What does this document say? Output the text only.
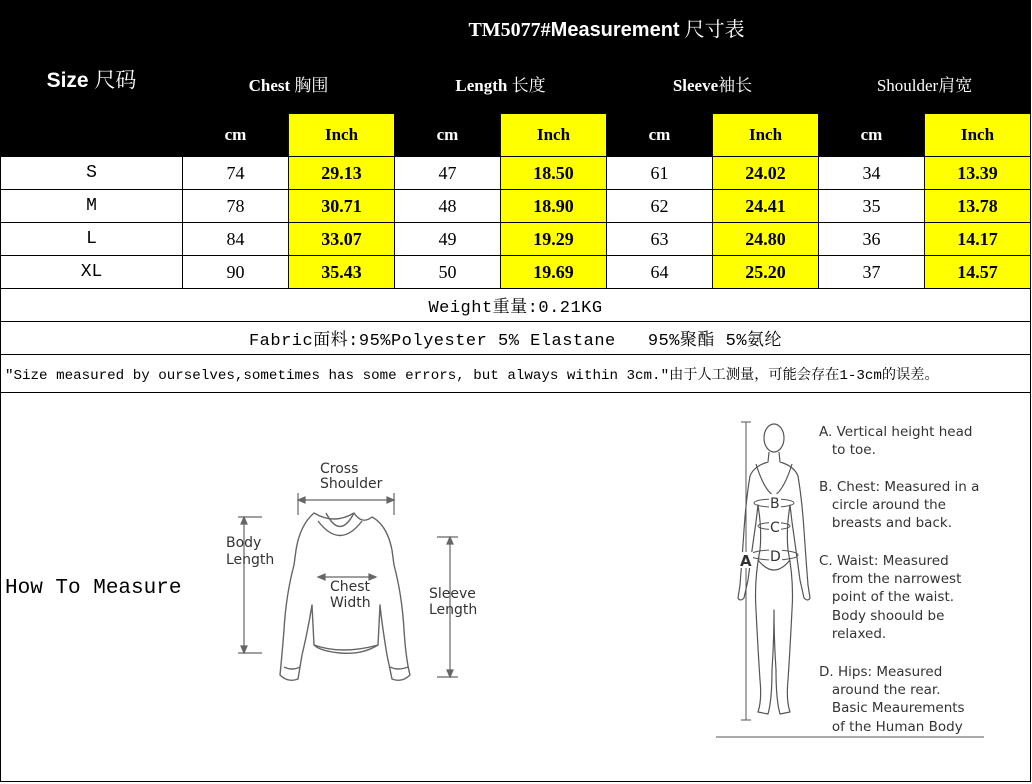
Size 尺码	TM5077#Measurement 尺寸表							
	Chest 胸围		Length 长度		Sleeve袖长		Shoulder肩宽	
	cm	Inch	cm	Inch	cm	Inch	cm	Inch
S	74	29.13	47	18.50	61	24.02	34	13.39
M	78	30.71	48	18.90	62	24.41	35	13.78
L	84	33.07	49	19.29	63	24.80	36	14.17
XL	90	35.43	50	19.69	64	25.20	37	14.57
Weight重量:0.21KG								
Fabric面料:95%Polyester 5% Elastane   95%聚酯 5%氨纶								
"Size measured by ourselves,sometimes has some errors, but always within 3cm."由于人工测量，可能会存在1-3cm的误差。								

How To Measure
Cross
Shoulder
Body
Length
Chest
Width
Sleeve
Length
A
B
C
D
A. Vertical height head
to toe.
B. Chest: Measured in a
circle around the
breasts and back.
C. Waist: Measured
from the narrowest
point of the waist.
Body shoould be
relaxed.
D. Hips: Measured
around the rear.
Basic Meaurements
of the Human Body
